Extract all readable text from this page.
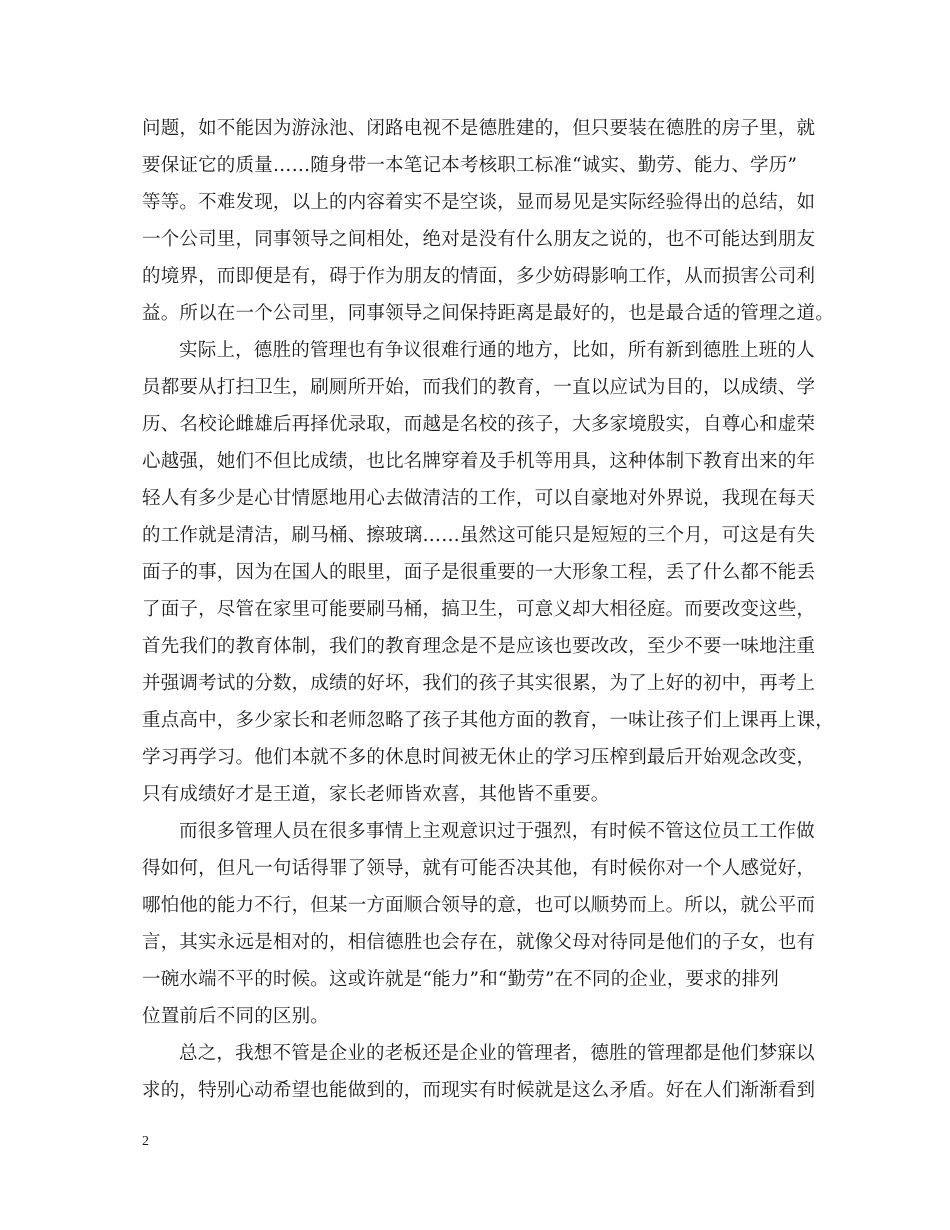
问题，如不能因为游泳池、闭路电视不是德胜建的，但只要装在德胜的房子里，就
要保证它的质量……随身带一本笔记本考核职工标准“诚实、勤劳、能力、学历”
等等。不难发现，以上的内容着实不是空谈，显而易见是实际经验得出的总结，如
一个公司里，同事领导之间相处，绝对是没有什么朋友之说的，也不可能达到朋友
的境界，而即便是有，碍于作为朋友的情面，多少妨碍影响工作，从而损害公司利
益。所以在一个公司里，同事领导之间保持距离是最好的，也是最合适的管理之道。
实际上，德胜的管理也有争议很难行通的地方，比如，所有新到德胜上班的人
员都要从打扫卫生，刷厕所开始，而我们的教育，一直以应试为目的，以成绩、学
历、名校论雌雄后再择优录取，而越是名校的孩子，大多家境殷实，自尊心和虚荣
心越强，她们不但比成绩，也比名牌穿着及手机等用具，这种体制下教育出来的年
轻人有多少是心甘情愿地用心去做清洁的工作，可以自豪地对外界说，我现在每天
的工作就是清洁，刷马桶、擦玻璃……虽然这可能只是短短的三个月，可这是有失
面子的事，因为在国人的眼里，面子是很重要的一大形象工程，丢了什么都不能丢
了面子，尽管在家里可能要刷马桶，搞卫生，可意义却大相径庭。而要改变这些，
首先我们的教育体制，我们的教育理念是不是应该也要改改，至少不要一味地注重
并强调考试的分数，成绩的好坏，我们的孩子其实很累，为了上好的初中，再考上
重点高中，多少家长和老师忽略了孩子其他方面的教育，一味让孩子们上课再上课，
学习再学习。他们本就不多的休息时间被无休止的学习压榨到最后开始观念改变，
只有成绩好才是王道，家长老师皆欢喜，其他皆不重要。
而很多管理人员在很多事情上主观意识过于强烈，有时候不管这位员工工作做
得如何，但凡一句话得罪了领导，就有可能否决其他，有时候你对一个人感觉好，
哪怕他的能力不行，但某一方面顺合领导的意，也可以顺势而上。所以，就公平而
言，其实永远是相对的，相信德胜也会存在，就像父母对待同是他们的子女，也有
一碗水端不平的时候。这或许就是“能力”和“勤劳”在不同的企业，要求的排列
位置前后不同的区别。
总之，我想不管是企业的老板还是企业的管理者，德胜的管理都是他们梦寐以
求的，特别心动希望也能做到的，而现实有时候就是这么矛盾。好在人们渐渐看到
2
